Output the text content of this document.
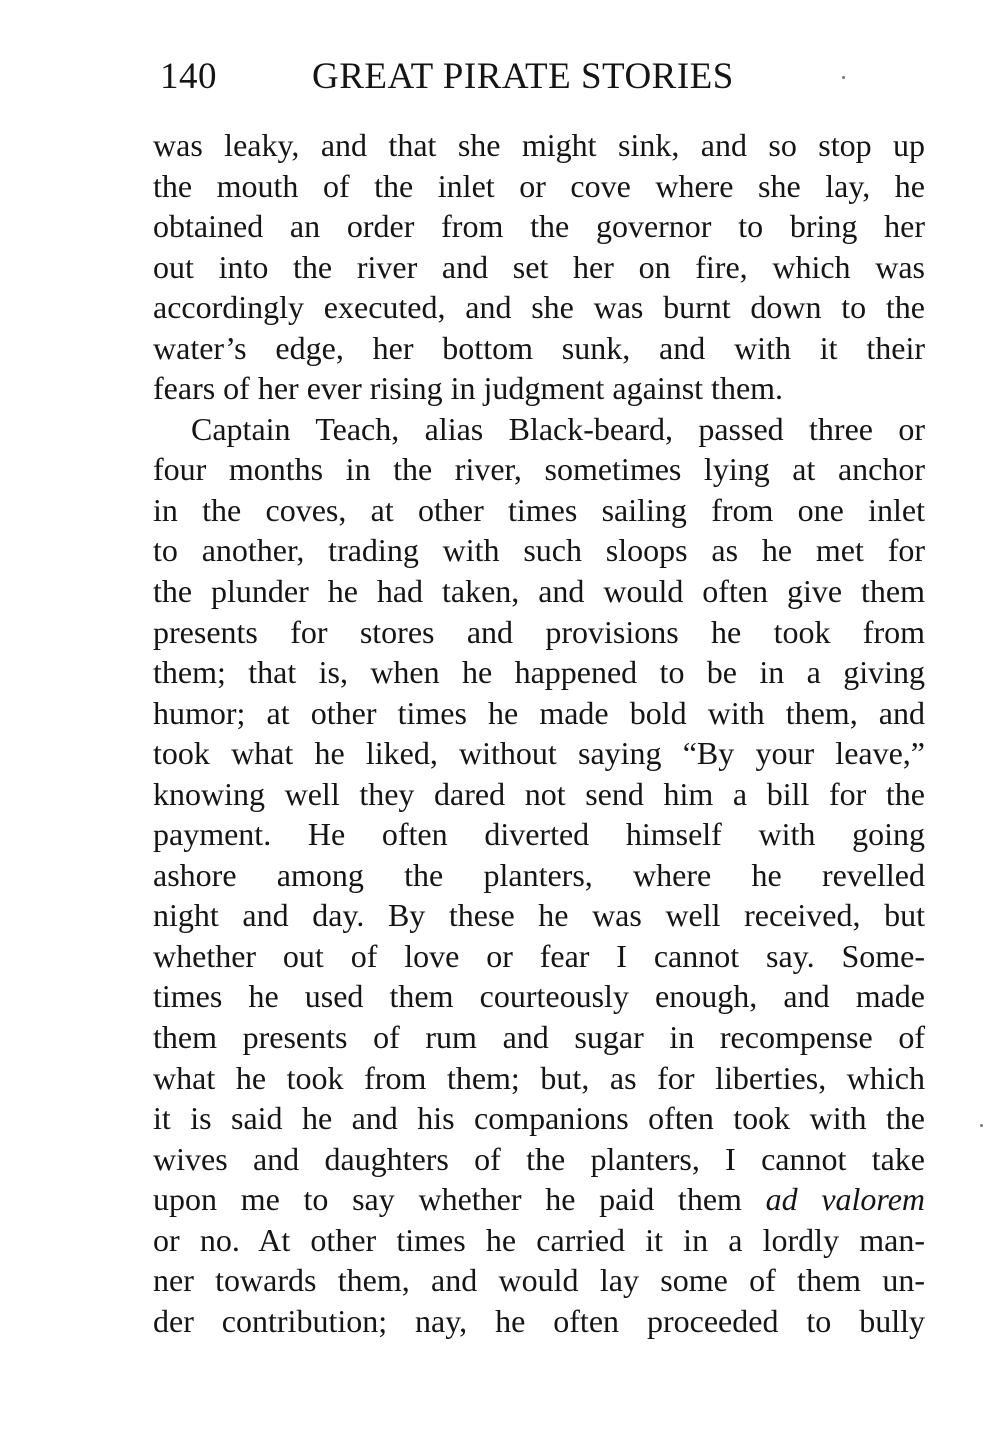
140	GREAT PIRATE STORIES
was leaky, and that she might sink, and so stop up
the mouth of the inlet or cove where she lay, he
obtained an order from the governor to bring her
out into the river and set her on fire, which was
accordingly executed, and she was burnt down to the
water’s edge, her bottom sunk, and with it their
fears of her ever rising in judgment against them.
Captain Teach, alias Black-beard, passed three or
four months in the river, sometimes lying at anchor
in the coves, at other times sailing from one inlet
to another, trading with such sloops as he met for
the plunder he had taken, and would often give them
presents for stores and provisions he took from
them; that is, when he happened to be in a giving
humor; at other times he made bold with them, and
took what he liked, without saying “By your leave,”
knowing well they dared not send him a bill for the
payment. He often diverted himself with going
ashore among the planters, where he revelled
night and day. By these he was well received, but
whether out of love or fear I cannot say. Some-
times he used them courteously enough, and made
them presents of rum and sugar in recompense of
what he took from them; but, as for liberties, which
it is said he and his companions often took with the
wives and daughters of the planters, I cannot take
upon me to say whether he paid them ad valorem
or no. At other times he carried it in a lordly man-
ner towards them, and would lay some of them un-
der contribution; nay, he often proceeded to bully
